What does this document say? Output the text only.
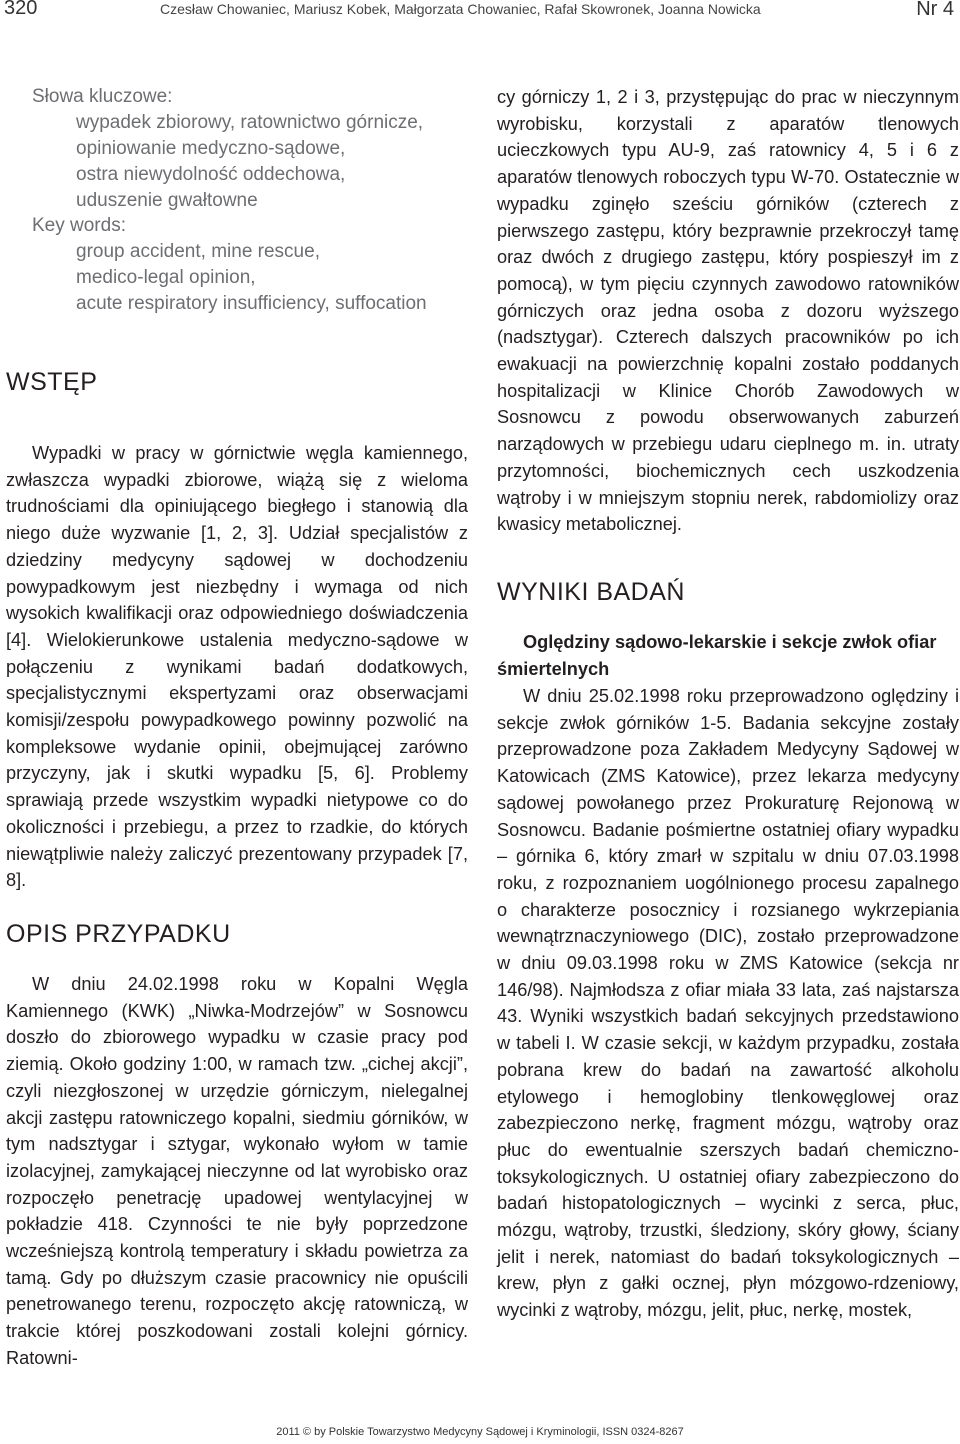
320	Czesław Chowaniec, Mariusz Kobek, Małgorzata Chowaniec, Rafał Skowronek, Joanna Nowicka	Nr 4
Słowa kluczowe:
wypadek zbiorowy, ratownictwo górnicze,
opiniowanie medyczno-sądowe,
ostra niewydolność oddechowa,
uduszenie gwałtowne
Key words:
group accident, mine rescue,
medico-legal opinion,
acute respiratory insufficiency, suffocation
WSTĘP

Wypadki w pracy w górnictwie węgla kamiennego, zwłaszcza wypadki zbiorowe, wiążą się z wieloma trudnościami dla opiniującego biegłego i stanowią dla niego duże wyzwanie [1, 2, 3]. Udział specjalistów z dziedziny medycyny sądowej w dochodzeniu powypadkowym jest niezbędny i wymaga od nich wysokich kwalifikacji oraz odpowiedniego doświadczenia [4]. Wielokierunkowe ustalenia medyczno-sądowe w połączeniu z wynikami badań dodatkowych, specjalistycznymi ekspertyzami oraz obserwacjami komisji/zespołu powypadkowego powinny pozwolić na kompleksowe wydanie opinii, obejmującej zarówno przyczyny, jak i skutki wypadku [5, 6]. Problemy sprawiają przede wszystkim wypadki nietypowe co do okoliczności i przebiegu, a przez to rzadkie, do których niewątpliwie należy zaliczyć prezentowany przypadek [7, 8].

OPIS PRZYPADKU

W dniu 24.02.1998 roku w Kopalni Węgla Kamiennego (KWK) „Niwka-Modrzejów” w Sosnowcu doszło do zbiorowego wypadku w czasie pracy pod ziemią. Około godziny 1:00, w ramach tzw. „cichej akcji”, czyli niezgłoszonej w urzędzie górniczym, nielegalnej akcji zastępu ratowniczego kopalni, siedmiu górników, w tym nadsztygar i sztygar, wykonało wyłom w tamie izolacyjnej, zamykającej nieczynne od lat wyrobisko oraz rozpoczęło penetrację upadowej wentylacyjnej w pokładzie 418. Czynności te nie były poprzedzone wcześniejszą kontrolą temperatury i składu powietrza za tamą. Gdy po dłuższym czasie pracownicy nie opuścili penetrowanego terenu, rozpoczęto akcję ratowniczą, w trakcie której poszkodowani zostali kolejni górnicy. Ratowni-

cy górniczy 1, 2 i 3, przystępując do prac w nieczynnym wyrobisku, korzystali z aparatów tlenowych ucieczkowych typu AU-9, zaś ratownicy 4, 5 i 6 z aparatów tlenowych roboczych typu W-70. Ostatecznie w wypadku zginęło sześciu górników (czterech z pierwszego zastępu, który bezprawnie przekroczył tamę oraz dwóch z drugiego zastępu, który pospieszył im z pomocą), w tym pięciu czynnych zawodowo ratowników górniczych oraz jedna osoba z dozoru wyższego (nadsztygar). Czterech dalszych pracowników po ich ewakuacji na powierzchnię kopalni zostało poddanych hospitalizacji w Klinice Chorób Zawodowych w Sosnowcu z powodu obserwowanych zaburzeń narządowych w przebiegu udaru cieplnego m. in. utraty przytomności, biochemicznych cech uszkodzenia wątroby i w mniejszym stopniu nerek, rabdomiolizy oraz kwasicy metabolicznej.

WYNIKI BADAŃ

Oględziny sądowo-lekarskie i sekcje zwłok ofiar śmiertelnych

W dniu 25.02.1998 roku przeprowadzono oględziny i sekcje zwłok górników 1-5. Badania sekcyjne zostały przeprowadzone poza Zakładem Medycyny Sądowej w Katowicach (ZMS Katowice), przez lekarza medycyny sądowej powołanego przez Prokuraturę Rejonową w Sosnowcu. Badanie pośmiertne ostatniej ofiary wypadku – górnika 6, który zmarł w szpitalu w dniu 07.03.1998 roku, z rozpoznaniem uogólnionego procesu zapalnego o charakterze posocznicy i rozsianego wykrzepiania wewnątrznaczyniowego (DIC), zostało przeprowadzone w dniu 09.03.1998 roku w ZMS Katowice (sekcja nr 146/98). Najmłodsza z ofiar miała 33 lata, zaś najstarsza 43. Wyniki wszystkich badań sekcyjnych przedstawiono w tabeli I. W czasie sekcji, w każdym przypadku, została pobrana krew do badań na zawartość alkoholu etylowego i hemoglobiny tlenkowęglowej oraz zabezpieczono nerkę, fragment mózgu, wątroby oraz płuc do ewentualnie szerszych badań chemiczno-toksykologicznych. U ostatniej ofiary zabezpieczono do badań histopatologicznych – wycinki z serca, płuc, mózgu, wątroby, trzustki, śledziony, skóry głowy, ściany jelit i nerek, natomiast do badań toksykologicznych – krew, płyn z gałki ocznej, płyn mózgowo-rdzeniowy, wycinki z wątroby, mózgu, jelit, płuc, nerkę, mostek,

2011 © by Polskie Towarzystwo Medycyny Sądowej i Kryminologii, ISSN 0324-8267
